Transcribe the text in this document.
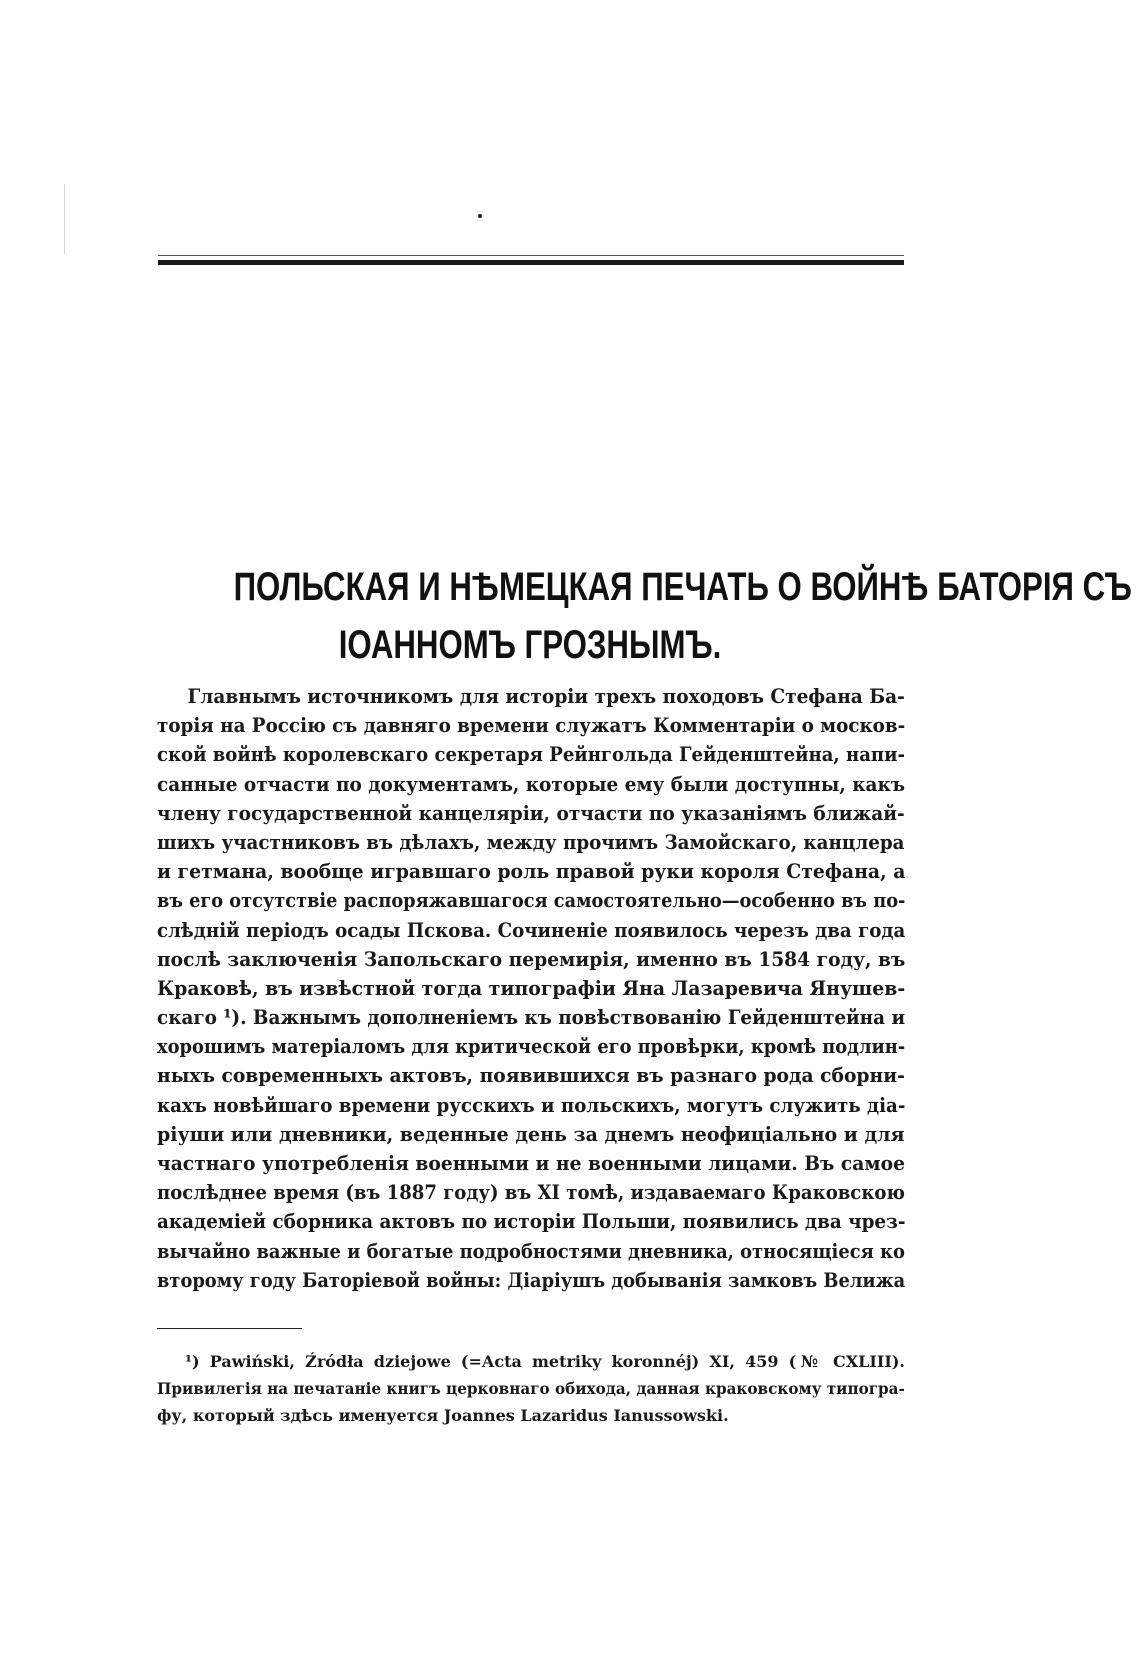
ПОЛЬСКАЯ И НѢМЕЦКАЯ ПЕЧАТЬ О ВОЙНѢ БАТОРІЯ СЪ
ІОАННОМЪ ГРОЗНЫМЪ.
Главнымъ источникомъ для исторіи трехъ походовъ Стефана Ба-
торія на Россію съ давняго времени служатъ Комментаріи о москов-
ской войнѣ королевскаго секретаря Рейнгольда Гейденштейна, напи-
санные отчасти по документамъ, которые ему были доступны, какъ
члену государственной канцеляріи, отчасти по указаніямъ ближай-
шихъ участниковъ въ дѣлахъ, между прочимъ Замойскаго, канцлера
и гетмана, вообще игравшаго роль правой руки короля Стефана, а
въ его отсутствіе распоряжавшагося самостоятельно—особенно въ по-
слѣдній періодъ осады Пскова. Сочиненіе появилось черезъ два года
послѣ заключенія Запольскаго перемирія, именно въ 1584 году, въ
Краковѣ, въ извѣстной тогда типографіи Яна Лазаревича Янушев-
скаго ¹). Важнымъ дополненіемъ къ повѣствованію Гейденштейна и
хорошимъ матеріаломъ для критической его провѣрки, кромѣ подлин-
ныхъ современныхъ актовъ, появившихся въ разнаго рода сборни-
кахъ новѣйшаго времени русскихъ и польскихъ, могутъ служить діа-
ріуши или дневники, веденные день за днемъ неофиціально и для
частнаго употребленія военными и не военными лицами. Въ самое
послѣднее время (въ 1887 году) въ XI томѣ, издаваемаго Краковскою
академіей сборника актовъ по исторіи Польши, появились два чрез-
вычайно важные и богатые подробностями дневника, относящіеся ко
второму году Баторіевой войны: Діаріушъ добыванія замковъ Велижа
¹) Pawiński, Źródła dziejowe (=Acta metriky koronnéj) XI, 459 (№ CXLIII).
Привилегія на печатаніе книгъ церковнаго обихода, данная краковскому типогра-
фу, который здѣсь именуется Joannes Lazaridus Ianussowski.
